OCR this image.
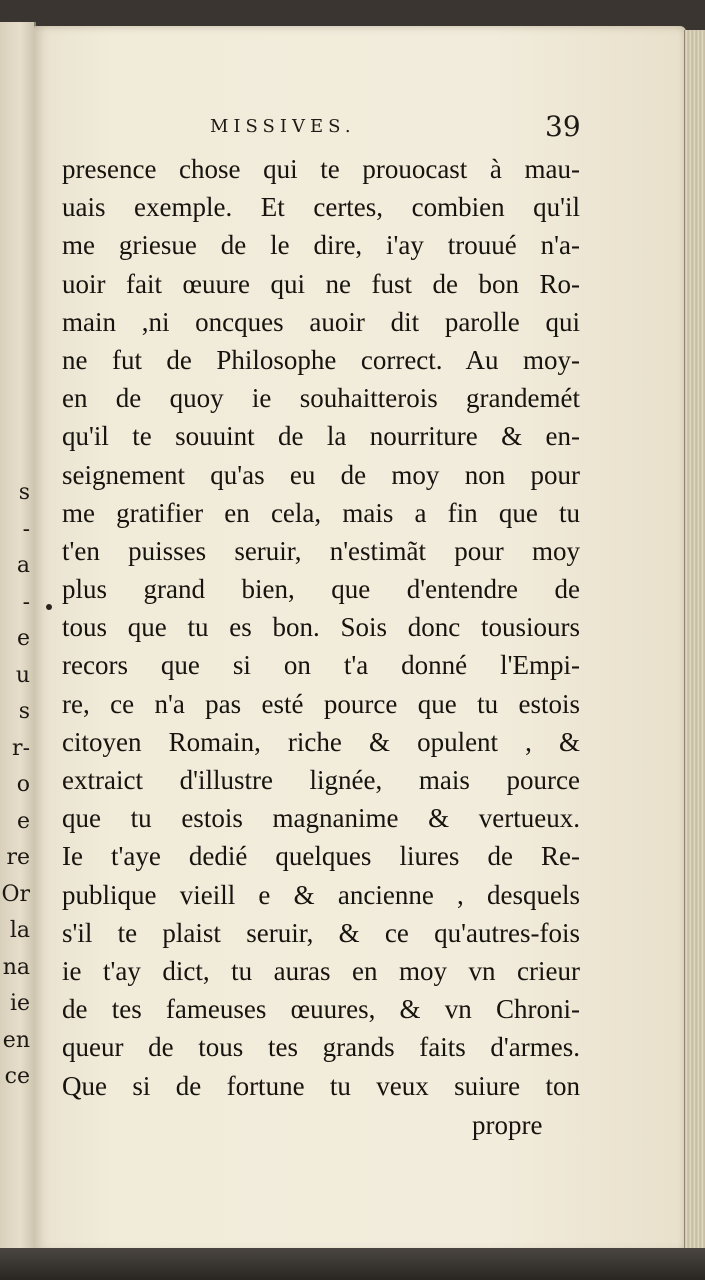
s
-
a
-
e
u
s
r-
o
e
re
Or
la
na
ie
en
ce
MISSIVES.	39
presence chose qui te prouocast à mau-
uais exemple. Et certes, combien qu'il
me griesue de le dire, i'ay trouué n'a-
uoir fait œuure qui ne fust de bon Ro-
main ,ni oncques auoir dit parolle qui
ne fut de Philosophe correct. Au moy-
en de quoy ie souhaitterois grandemét
qu'il te souuint de la nourriture & en-
seignement qu'as eu de moy non pour
me gratifier en cela, mais a fin que tu
t'en puisses seruir, n'estimãt pour moy
plus grand bien, que d'entendre de
tous que tu es bon. Sois donc tousiours
recors que si on t'a donné l'Empi-
re, ce n'a pas esté pource que tu estois
citoyen Romain, riche & opulent , &
extraict d'illustre lignée, mais pource
que tu estois magnanime & vertueux.
Ie t'aye dedié quelques liures de Re-
publique vieill e & ancienne , desquels
s'il te plaist seruir, & ce qu'autres-fois
ie t'ay dict, tu auras en moy vn crieur
de tes fameuses œuures, & vn Chroni-
queur de tous tes grands faits d'armes.
Que si de fortune tu veux suiure ton
propre
